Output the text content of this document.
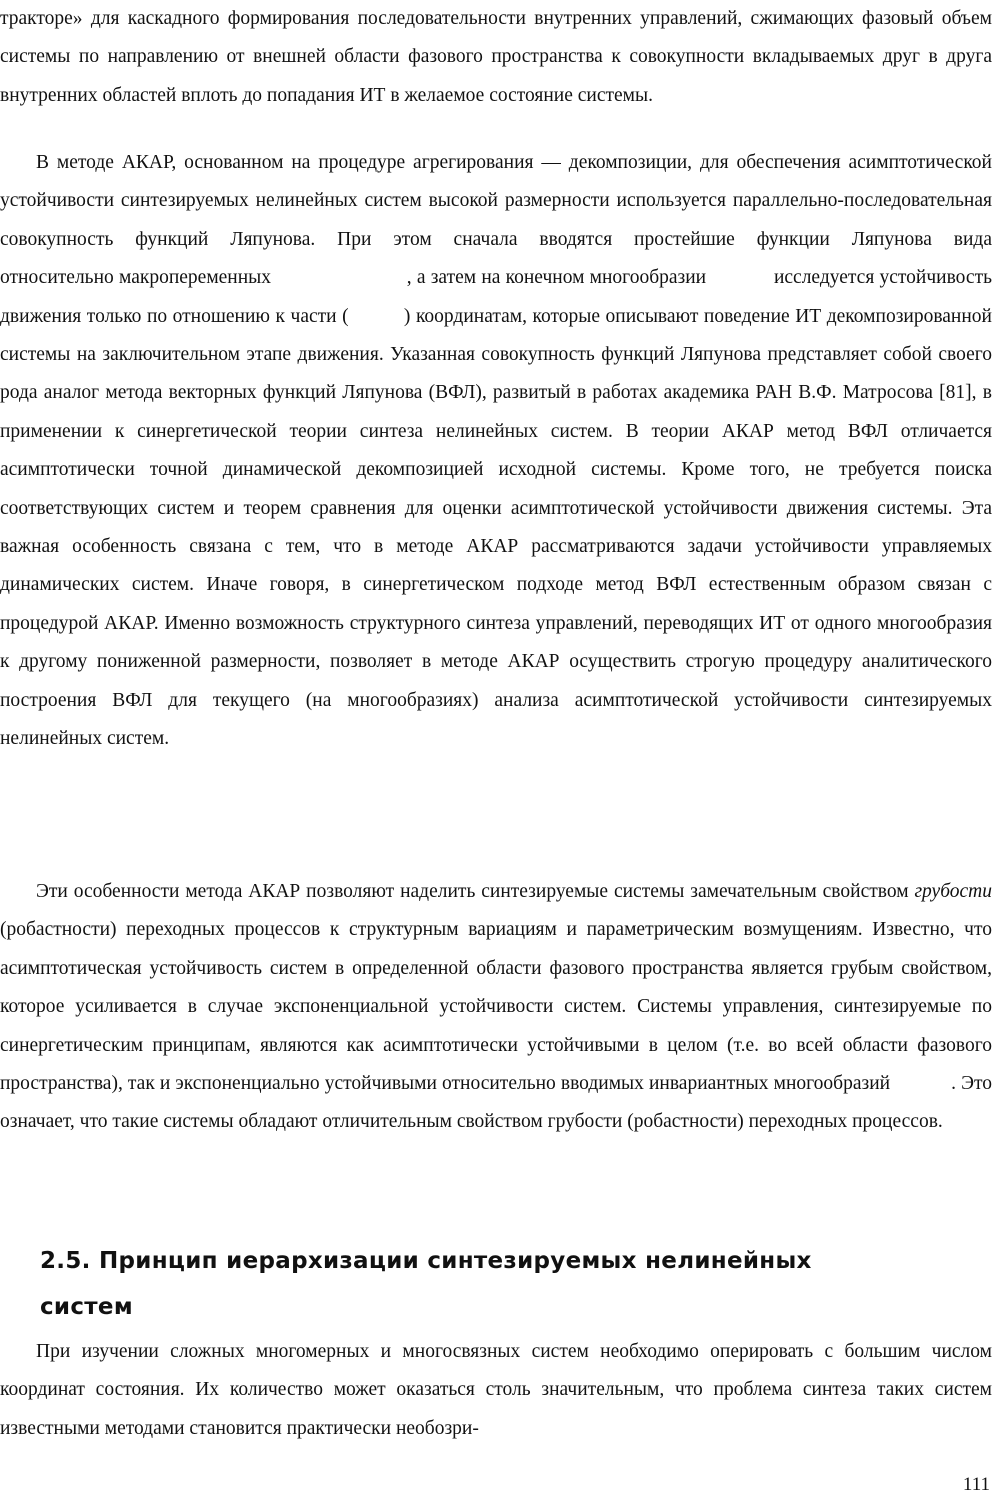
тракторе» для каскадного формирования последовательности внутренних управлений, сжимающих фазовый объем системы по направлению от внешней области фазового пространства к совокупности вкладываемых друг в друга внутренних областей вплоть до попадания ИТ в желаемое состояние системы.

В методе АКАР, основанном на процедуре агрегирования — декомпозиции, для обеспечения асимптотической устойчивости синтезируемых нелинейных систем высокой размерности используется параллельно-последовательная совокупность функций Ляпунова. При этом сначала вводятся простейшие функции Ляпунова вида                  относительно макропеременных                          , а затем на конечном многообразии             исследуется устойчивость движения только по отношению к части (          ) координатам, которые описывают поведение ИТ декомпозированной системы на заключительном этапе движения. Указанная совокупность функций Ляпунова представляет собой своего рода аналог метода векторных функций Ляпунова (ВФЛ), развитый в работах академика РАН В.Ф. Матросова [81], в применении к синергетической теории синтеза нелинейных систем. В теории АКАР метод ВФЛ отличается асимптотически точной динамической декомпозицией исходной системы. Кроме того, не требуется поиска соответствующих систем и теорем сравнения для оценки асимптотической устойчивости движения системы. Эта важная особенность связана с тем, что в методе АКАР рассматриваются задачи устойчивости управляемых динамических систем. Иначе говоря, в синергетическом подходе метод ВФЛ естественным образом связан с процедурой АКАР. Именно возможность структурного синтеза управлений, переводящих ИТ от одного многообразия к другому пониженной размерности, позволяет в методе АКАР осуществить строгую процедуру аналитического построения ВФЛ для текущего (на многообразиях) анализа асимптотической устойчивости синтезируемых нелинейных систем.

Эти особенности метода АКАР позволяют наделить синтезируемые системы замечательным свойством грубости (робастности) переходных процессов к структурным вариациям и параметрическим возмущениям. Известно, что асимптотическая устойчивость систем в определенной области фазового пространства является грубым свойством, которое усиливается в случае экспоненциальной устойчивости систем. Системы управления, синтезируемые по синергетическим принципам, являются как асимптотически устойчивыми в целом (т.е. во всей области фазового пространства), так и экспоненциально устойчивыми относительно вводимых инвариантных многообразий            . Это означает, что такие системы обладают отличительным свойством грубости (робастности) переходных процессов.

2.5. Принцип иерархизации синтезируемых нелинейных
систем

При изучении сложных многомерных и многосвязных систем необходимо оперировать с большим числом координат состояния. Их количество может оказаться столь значительным, что проблема синтеза таких систем известными методами становится практически необозри-

111
